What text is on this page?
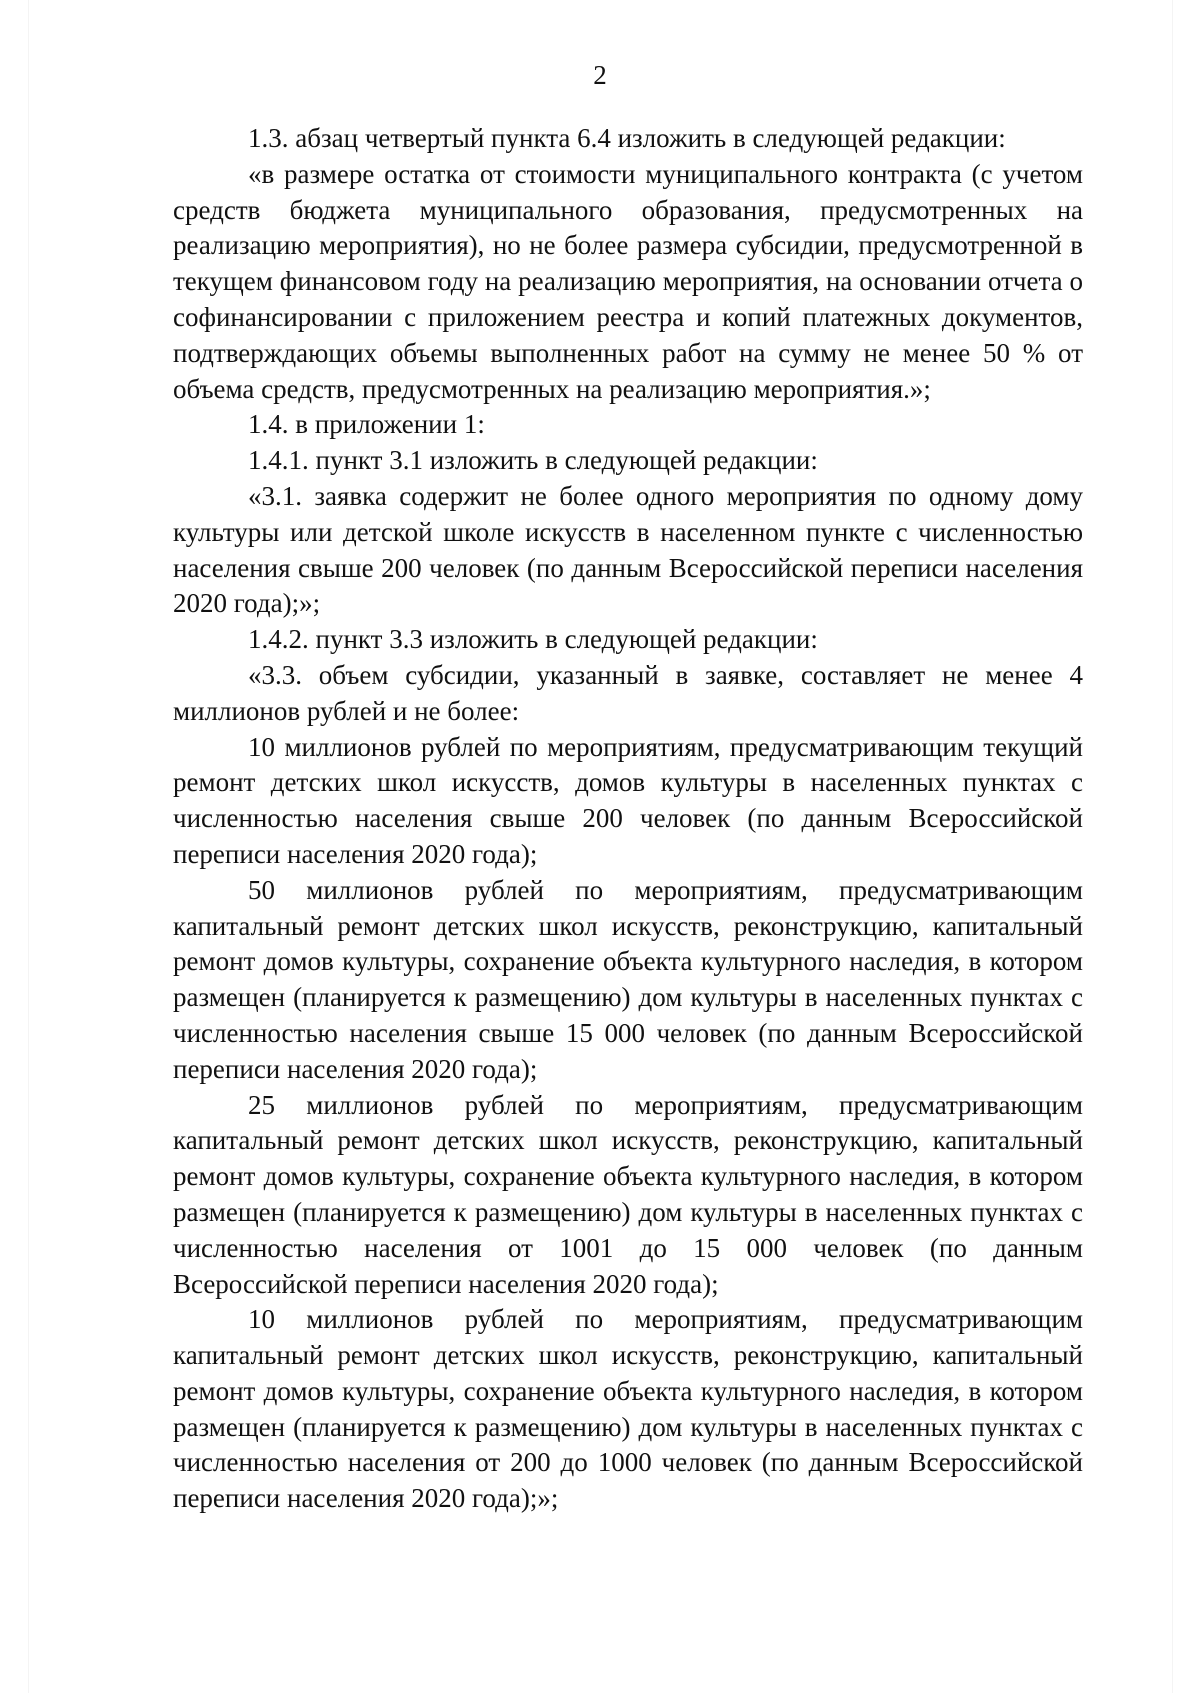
2

1.3. абзац четвертый пункта 6.4 изложить в следующей редакции:

«в размере остатка от стоимости муниципального контракта (с учетом средств бюджета муниципального образования, предусмотренных на реализацию мероприятия), но не более размера субсидии, предусмотренной в текущем финансовом году на реализацию мероприятия, на основании отчета о софинансировании с приложением реестра и копий платежных документов, подтверждающих объемы выполненных работ на сумму не менее 50 % от объема средств, предусмотренных на реализацию мероприятия.»;

1.4. в приложении 1:

1.4.1. пункт 3.1 изложить в следующей редакции:

«3.1. заявка содержит не более одного мероприятия по одному дому культуры или детской школе искусств в населенном пункте с численностью населения свыше 200 человек (по данным Всероссийской переписи населения 2020 года);»;

1.4.2. пункт 3.3 изложить в следующей редакции:

«3.3. объем субсидии, указанный в заявке, составляет не менее 4 миллионов рублей и не более:

10 миллионов рублей по мероприятиям, предусматривающим текущий ремонт детских школ искусств, домов культуры в населенных пунктах с численностью населения свыше 200 человек (по данным Всероссийской переписи населения 2020 года);

50 миллионов рублей по мероприятиям, предусматривающим капитальный ремонт детских школ искусств, реконструкцию, капитальный ремонт домов культуры, сохранение объекта культурного наследия, в котором размещен (планируется к размещению) дом культуры в населенных пунктах с численностью населения свыше 15 000 человек (по данным Всероссийской переписи населения 2020 года);

25 миллионов рублей по мероприятиям, предусматривающим капитальный ремонт детских школ искусств, реконструкцию, капитальный ремонт домов культуры, сохранение объекта культурного наследия, в котором размещен (планируется к размещению) дом культуры в населенных пунктах с численностью населения от 1001 до 15 000 человек (по данным Всероссийской переписи населения 2020 года);

10 миллионов рублей по мероприятиям, предусматривающим капитальный ремонт детских школ искусств, реконструкцию, капитальный ремонт домов культуры, сохранение объекта культурного наследия, в котором размещен (планируется к размещению) дом культуры в населенных пунктах с численностью населения от 200 до 1000 человек (по данным Всероссийской переписи населения 2020 года);»;
